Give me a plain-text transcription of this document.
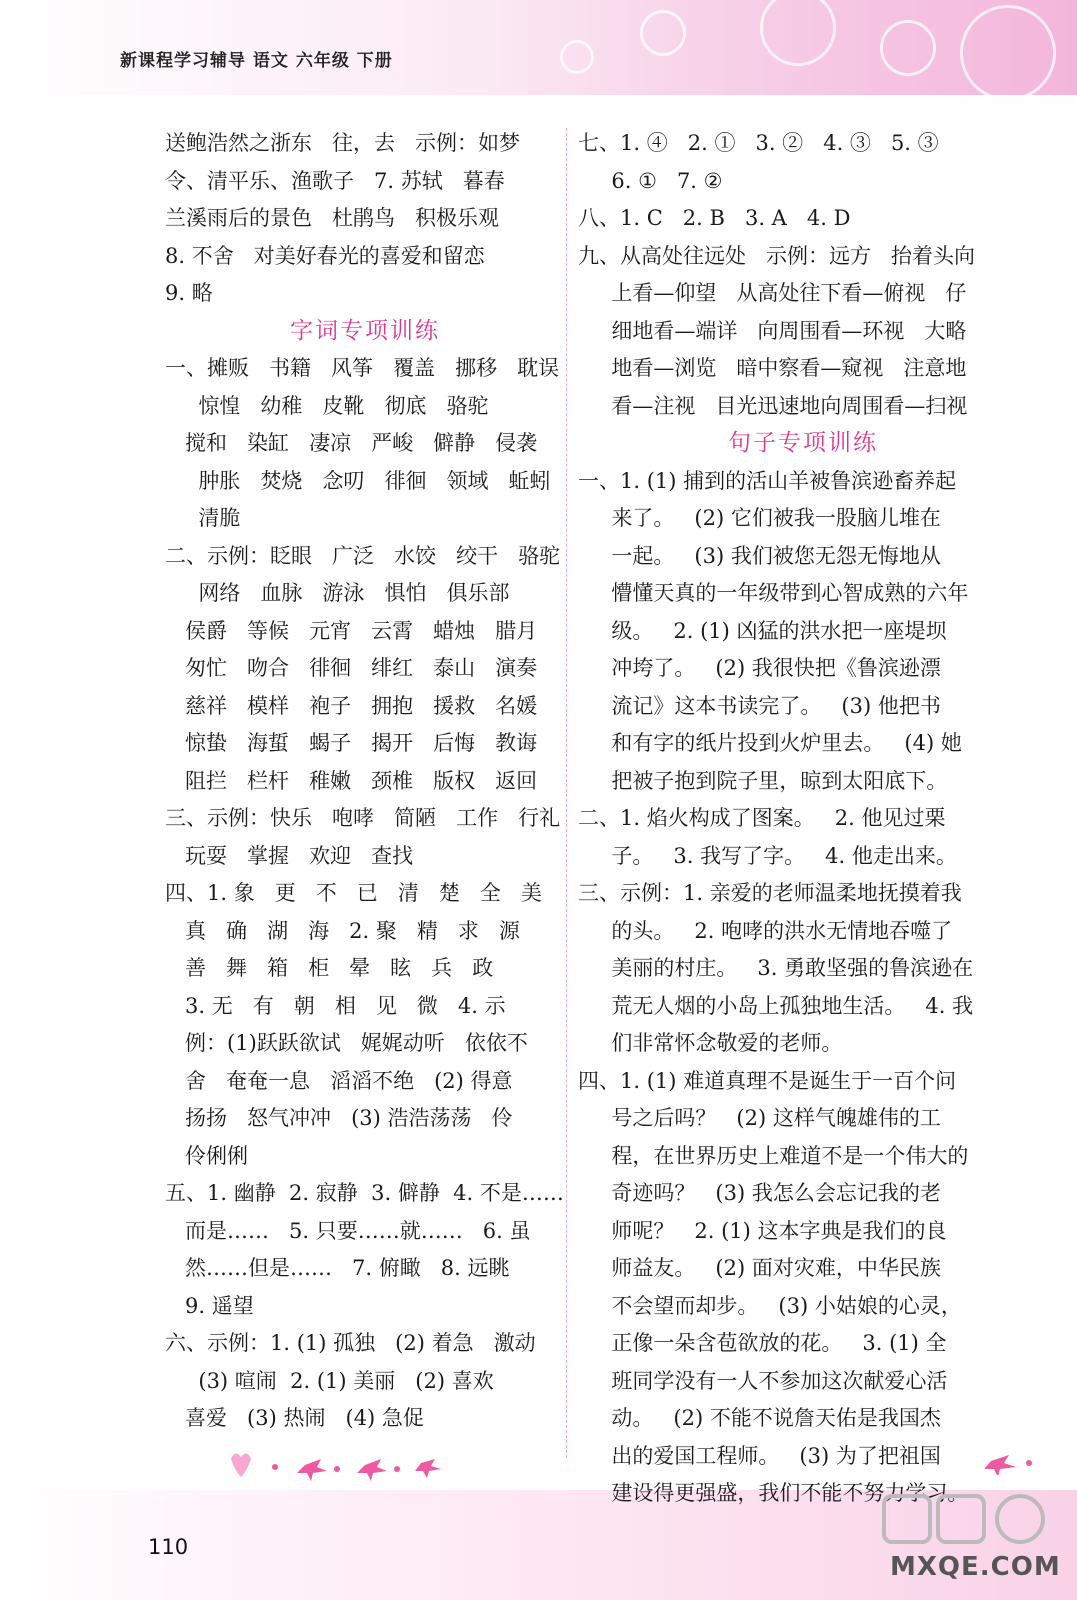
新课程学习辅导 语文 六年级 下册
送鲍浩然之浙东   往，去   示例：如梦
令、清平乐、渔歌子   7. 苏轼   暮春
兰溪雨后的景色   杜鹃鸟   积极乐观
8. 不舍   对美好春光的喜爱和留恋
9. 略
字词专项训练
一、摊贩   书籍   风筝   覆盖   挪移   耽误
惊惶   幼稚   皮靴   彻底   骆驼
搅和   染缸   凄凉   严峻   僻静   侵袭
肿胀   焚烧   念叨   徘徊   领域   蚯蚓
清脆
二、示例：眨眼   广泛   水饺   绞干   骆驼
网络   血脉   游泳   惧怕   俱乐部
侯爵   等候   元宵   云霄   蜡烛   腊月
匆忙   吻合   徘徊   绯红   泰山   演奏
慈祥   模样   袍子   拥抱   援救   名媛
惊蛰   海蜇   蝎子   揭开   后悔   教诲
阻拦   栏杆   稚嫩   颈椎   版权   返回
三、示例：快乐   咆哮   简陋   工作   行礼
玩耍   掌握   欢迎   查找
四、1. 象   更   不   已   清   楚   全   美
真   确   湖   海   2. 聚   精   求   源
善   舞   箱   柜   晕   眩   兵   政
3. 无   有   朝   相   见   微   4. 示
例：(1)跃跃欲试   娓娓动听   依依不
舍   奄奄一息   滔滔不绝   (2) 得意
扬扬   怒气冲冲   (3) 浩浩荡荡   伶
伶俐俐
五、1. 幽静  2. 寂静  3. 僻静  4. 不是……
而是……   5. 只要……就……   6. 虽
然……但是……   7. 俯瞰   8. 远眺
9. 遥望
六、示例：1. (1) 孤独   (2) 着急   激动
(3) 喧闹  2. (1) 美丽   (2) 喜欢
喜爱   (3) 热闹   (4) 急促
七、1. ④   2. ①   3. ②   4. ③   5. ③
6. ①   7. ②
八、1. C   2. B   3. A   4. D
九、从高处往远处   示例：远方   抬着头向
上看—仰望   从高处往下看—俯视   仔
细地看—端详   向周围看—环视   大略
地看—浏览   暗中察看—窥视   注意地
看—注视   目光迅速地向周围看—扫视
句子专项训练
一、1. (1) 捕到的活山羊被鲁滨逊畜养起
来了。   (2) 它们被我一股脑儿堆在
一起。   (3) 我们被您无怨无悔地从
懵懂天真的一年级带到心智成熟的六年
级。   2. (1) 凶猛的洪水把一座堤坝
冲垮了。   (2) 我很快把《鲁滨逊漂
流记》这本书读完了。   (3) 他把书
和有字的纸片投到火炉里去。   (4) 她
把被子抱到院子里，晾到太阳底下。
二、1. 焰火构成了图案。   2. 他见过栗
子。   3. 我写了字。   4. 他走出来。
三、示例：1. 亲爱的老师温柔地抚摸着我
的头。   2. 咆哮的洪水无情地吞噬了
美丽的村庄。   3. 勇敢坚强的鲁滨逊在
荒无人烟的小岛上孤独地生活。   4. 我
们非常怀念敬爱的老师。
四、1. (1) 难道真理不是诞生于一百个问
号之后吗？   (2) 这样气魄雄伟的工
程，在世界历史上难道不是一个伟大的
奇迹吗？   (3) 我怎么会忘记我的老
师呢？   2. (1) 这本字典是我们的良
师益友。   (2) 面对灾难，中华民族
不会望而却步。   (3) 小姑娘的心灵，
正像一朵含苞欲放的花。   3. (1) 全
班同学没有一人不参加这次献爱心活
动。   (2) 不能不说詹天佑是我国杰
出的爱国工程师。   (3) 为了把祖国
建设得更强盛，我们不能不努力学习。
110
MXQE.COM
